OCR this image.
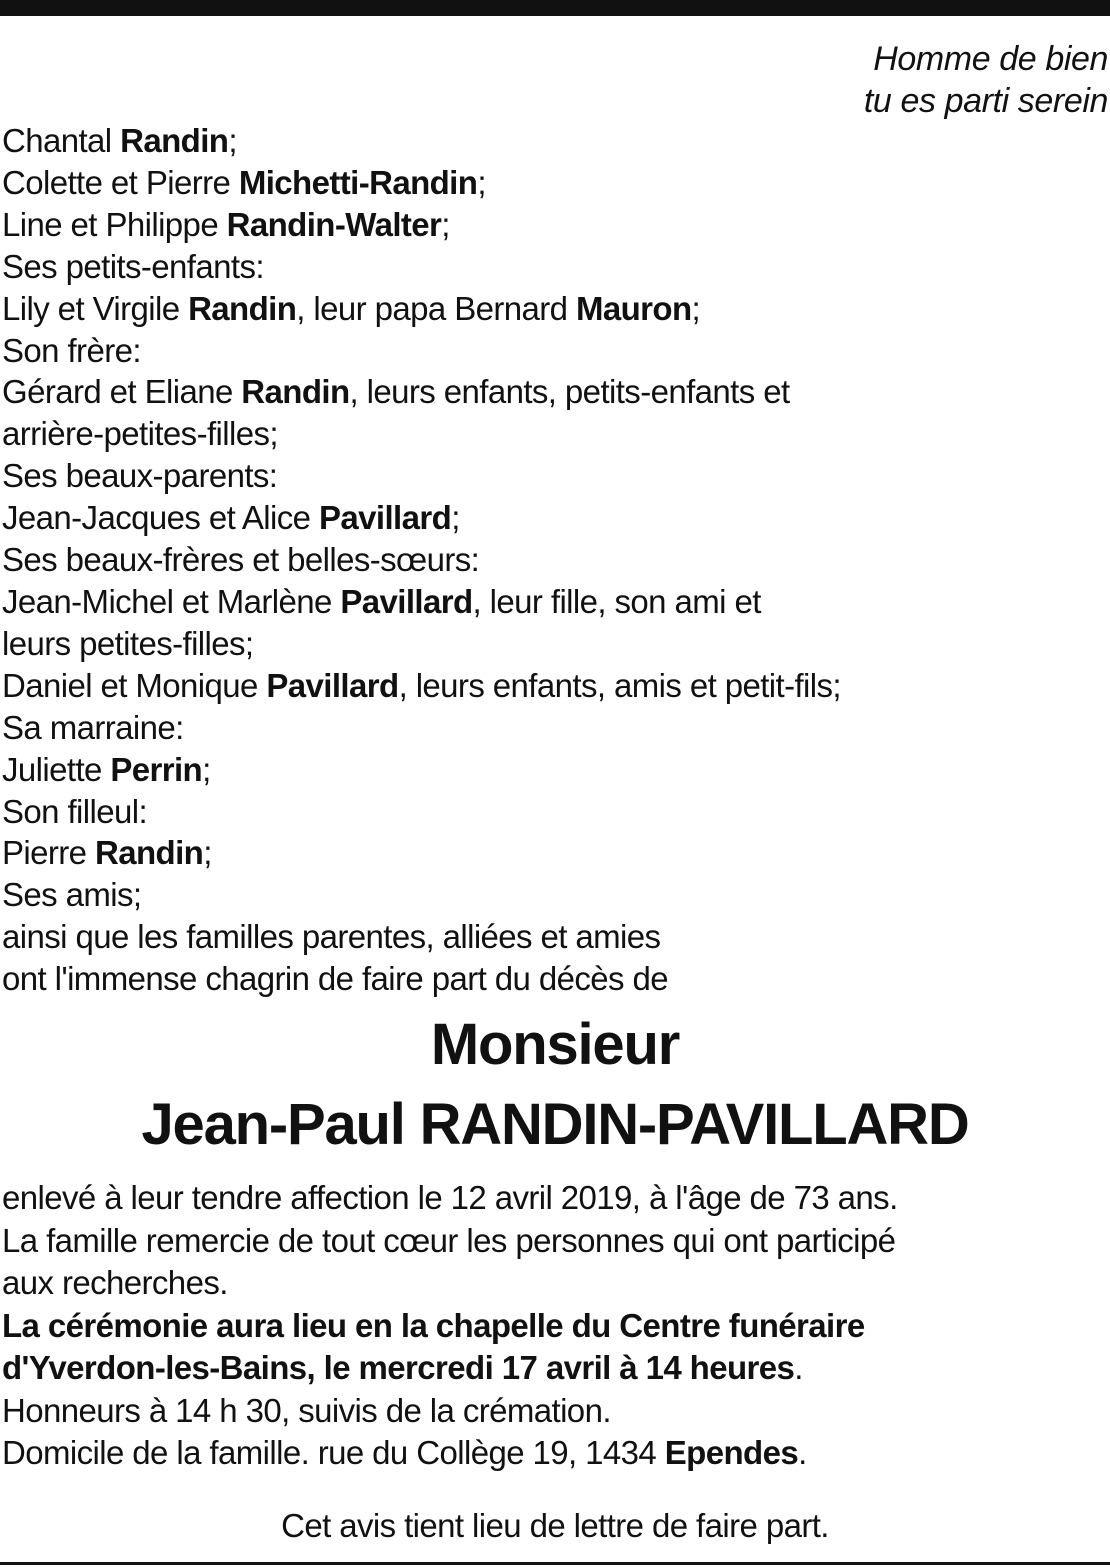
Homme de bien
tu es parti serein
Chantal Randin;
Colette et Pierre Michetti-Randin;
Line et Philippe Randin-Walter;
Ses petits-enfants:
Lily et Virgile Randin, leur papa Bernard Mauron;
Son frère:
Gérard et Eliane Randin, leurs enfants, petits-enfants et
arrière-petites-filles;
Ses beaux-parents:
Jean-Jacques et Alice Pavillard;
Ses beaux-frères et belles-sœurs:
Jean-Michel et Marlène Pavillard, leur fille, son ami et
leurs petites-filles;
Daniel et Monique Pavillard, leurs enfants, amis et petit-fils;
Sa marraine:
Juliette Perrin;
Son filleul:
Pierre Randin;
Ses amis;
ainsi que les familles parentes, alliées et amies
ont l'immense chagrin de faire part du décès de
Monsieur
Jean-Paul RANDIN-PAVILLARD
enlevé à leur tendre affection le 12 avril 2019, à l'âge de 73 ans.
La famille remercie de tout cœur les personnes qui ont participé
aux recherches.
La cérémonie aura lieu en la chapelle du Centre funéraire
d'Yverdon-les-Bains, le mercredi 17 avril à 14 heures.
Honneurs à 14 h 30, suivis de la crémation.
Domicile de la famille. rue du Collège 19, 1434 Ependes.
Cet avis tient lieu de lettre de faire part.
